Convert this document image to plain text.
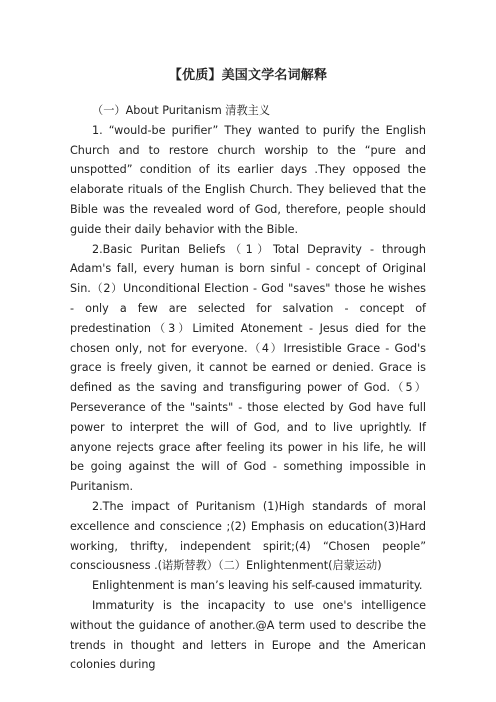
【优质】美国文学名词解释

（一）About Puritanism 清教主义

1. “would-be purifier” They wanted to purify the English Church and to restore church worship to the “pure and unspotted” condition of its earlier days .They opposed the elaborate rituals of the English Church. They believed that the Bible was the revealed word of God, therefore, people should guide their daily behavior with the Bible.

2.Basic Puritan Beliefs（1）Total Depravity - through Adam's fall, every human is born sinful - concept of Original Sin.（2）Unconditional Election - God "saves" those he wishes - only a few are selected for salvation - concept of predestination（3）Limited Atonement - Jesus died for the chosen only, not for everyone.（4）Irresistible Grace - God's grace is freely given, it cannot be earned or denied. Grace is defined as the saving and transfiguring power of God.（5）Perseverance of the "saints" - those elected by God have full power to interpret the will of God, and to live uprightly. If anyone rejects grace after feeling its power in his life, he will be going against the will of God - something impossible in Puritanism.

2.The impact of Puritanism (1)High standards of moral excellence and conscience ;(2) Emphasis on education(3)Hard working, thrifty, independent spirit;(4) “Chosen people” consciousness .(诺斯替教）（二）Enlightenment(启蒙运动)

Enlightenment is man’s leaving his self-caused immaturity.

Immaturity is the incapacity to use one's intelligence without the guidance of another.@A term used to describe the trends in thought and letters in Europe and the American colonies during
